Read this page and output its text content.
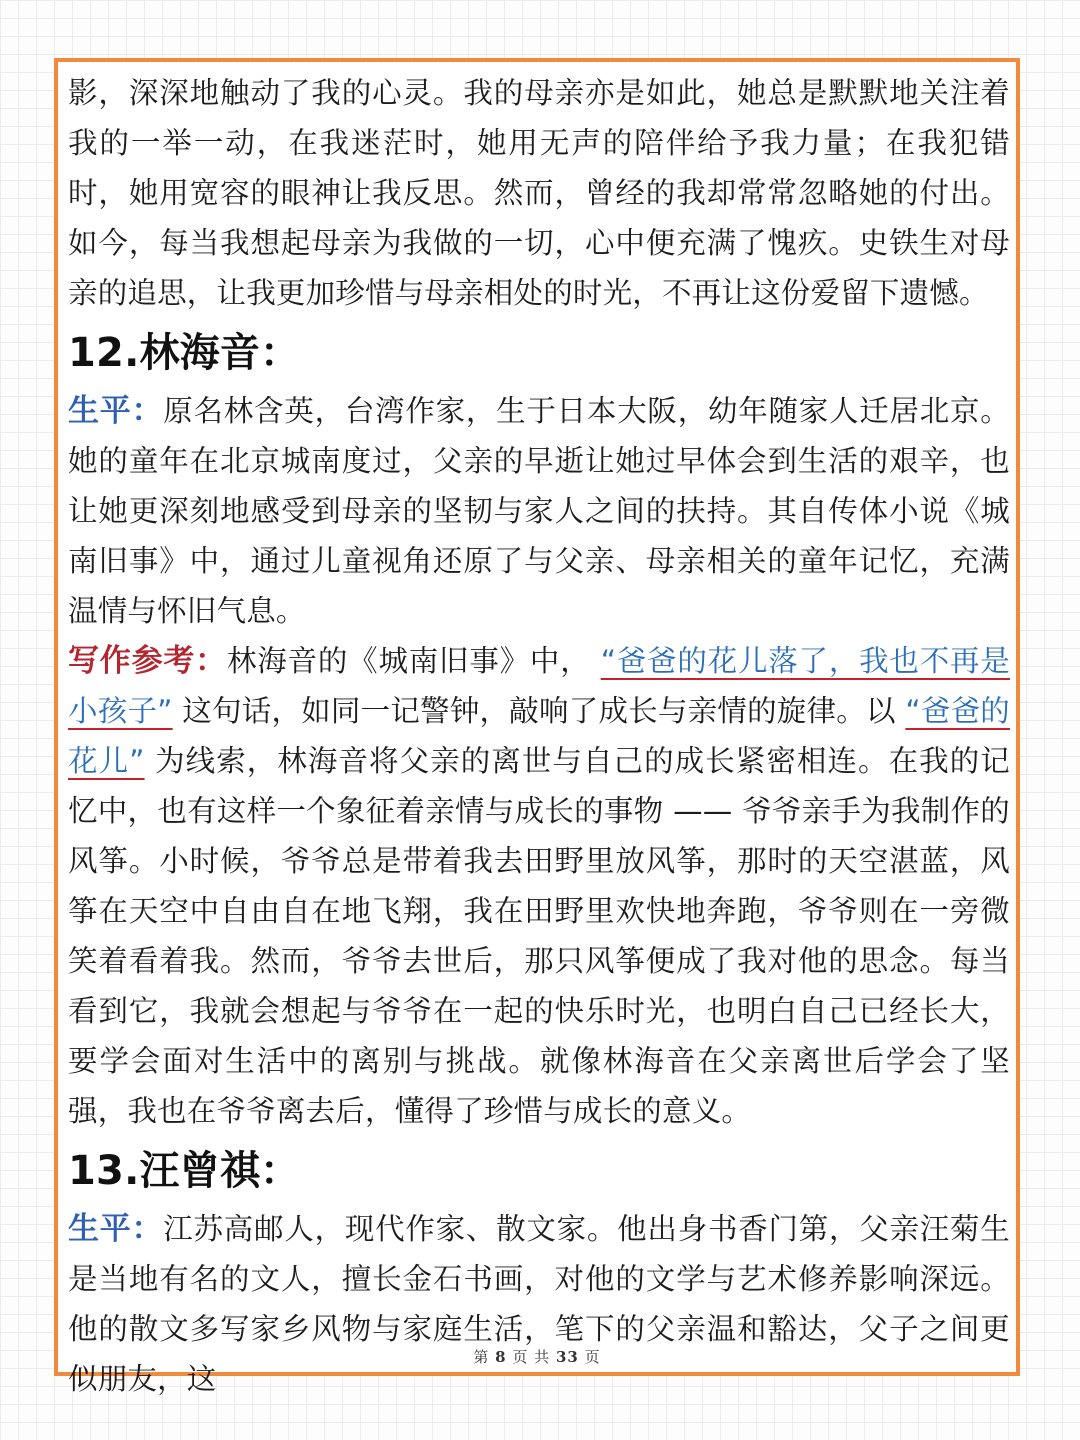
影，深深地触动了我的心灵。我的母亲亦是如此，她总是默默地关注着我的一举一动，在我迷茫时，她用无声的陪伴给予我力量；在我犯错时，她用宽容的眼神让我反思。然而，曾经的我却常常忽略她的付出。如今，每当我想起母亲为我做的一切，心中便充满了愧疚。史铁生对母亲的追思，让我更加珍惜与母亲相处的时光，不再让这份爱留下遗憾。

12.林海音：

生平：原名林含英，台湾作家，生于日本大阪，幼年随家人迁居北京。她的童年在北京城南度过，父亲的早逝让她过早体会到生活的艰辛，也让她更深刻地感受到母亲的坚韧与家人之间的扶持。其自传体小说《城南旧事》中，通过儿童视角还原了与父亲、母亲相关的童年记忆，充满温情与怀旧气息。

写作参考：林海音的《城南旧事》中， “爸爸的花儿落了，我也不再是小孩子” 这句话，如同一记警钟，敲响了成长与亲情的旋律。以 “爸爸的花儿” 为线索，林海音将父亲的离世与自己的成长紧密相连。在我的记忆中，也有这样一个象征着亲情与成长的事物 —— 爷爷亲手为我制作的风筝。小时候，爷爷总是带着我去田野里放风筝，那时的天空湛蓝，风筝在天空中自由自在地飞翔，我在田野里欢快地奔跑，爷爷则在一旁微笑着看着我。然而，爷爷去世后，那只风筝便成了我对他的思念。每当看到它，我就会想起与爷爷在一起的快乐时光，也明白自己已经长大，要学会面对生活中的离别与挑战。就像林海音在父亲离世后学会了坚强，我也在爷爷离去后，懂得了珍惜与成长的意义。

13.汪曾祺：

生平：江苏高邮人，现代作家、散文家。他出身书香门第，父亲汪菊生是当地有名的文人，擅长金石书画，对他的文学与艺术修养影响深远。他的散文多写家乡风物与家庭生活，笔下的父亲温和豁达，父子之间更似朋友，这

第 8 页 共 33 页
